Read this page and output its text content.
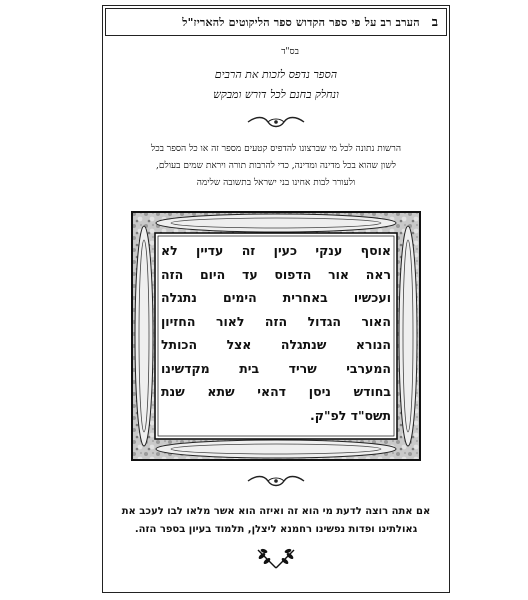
ב
הערב רב על פי ספר הקדוש ספר הליקוטים להאריז"ל
בס"ד
הספר נדפס לזכות את הרבים
ונחלק בחנם לכל דורש ומבקש
הרשות נתונה לכל מי שברצונו להדפיס קטעים מספר זה או כל הספר בכל
לשון שהוא בכל מדינה ומדינה, כדי להרבות תורה ויראת שמים בעולם,
ולעורר לבות אחינו בני ישראל בתשובה שלימה
אוסף ענקי כעין זה עדיין לא
ראה אור הדפוס עד היום הזה
ועכשיו באחרית הימים נתגלה
האור הגדול הזה לאור החזיון
הנורא שנתגלה אצל הכותל
המערבי שריד בית מקדשינו
בחודש ניסן דהאי שתא שנת
תשס"ד לפ"ק.
אם אתה רוצה לדעת מי הוא זה ואיזה הוא אשר מלאו לבו לעכב את
גאולתינו ופדות נפשינו רחמנא ליצלן, תלמוד בעיון בספר הזה.
